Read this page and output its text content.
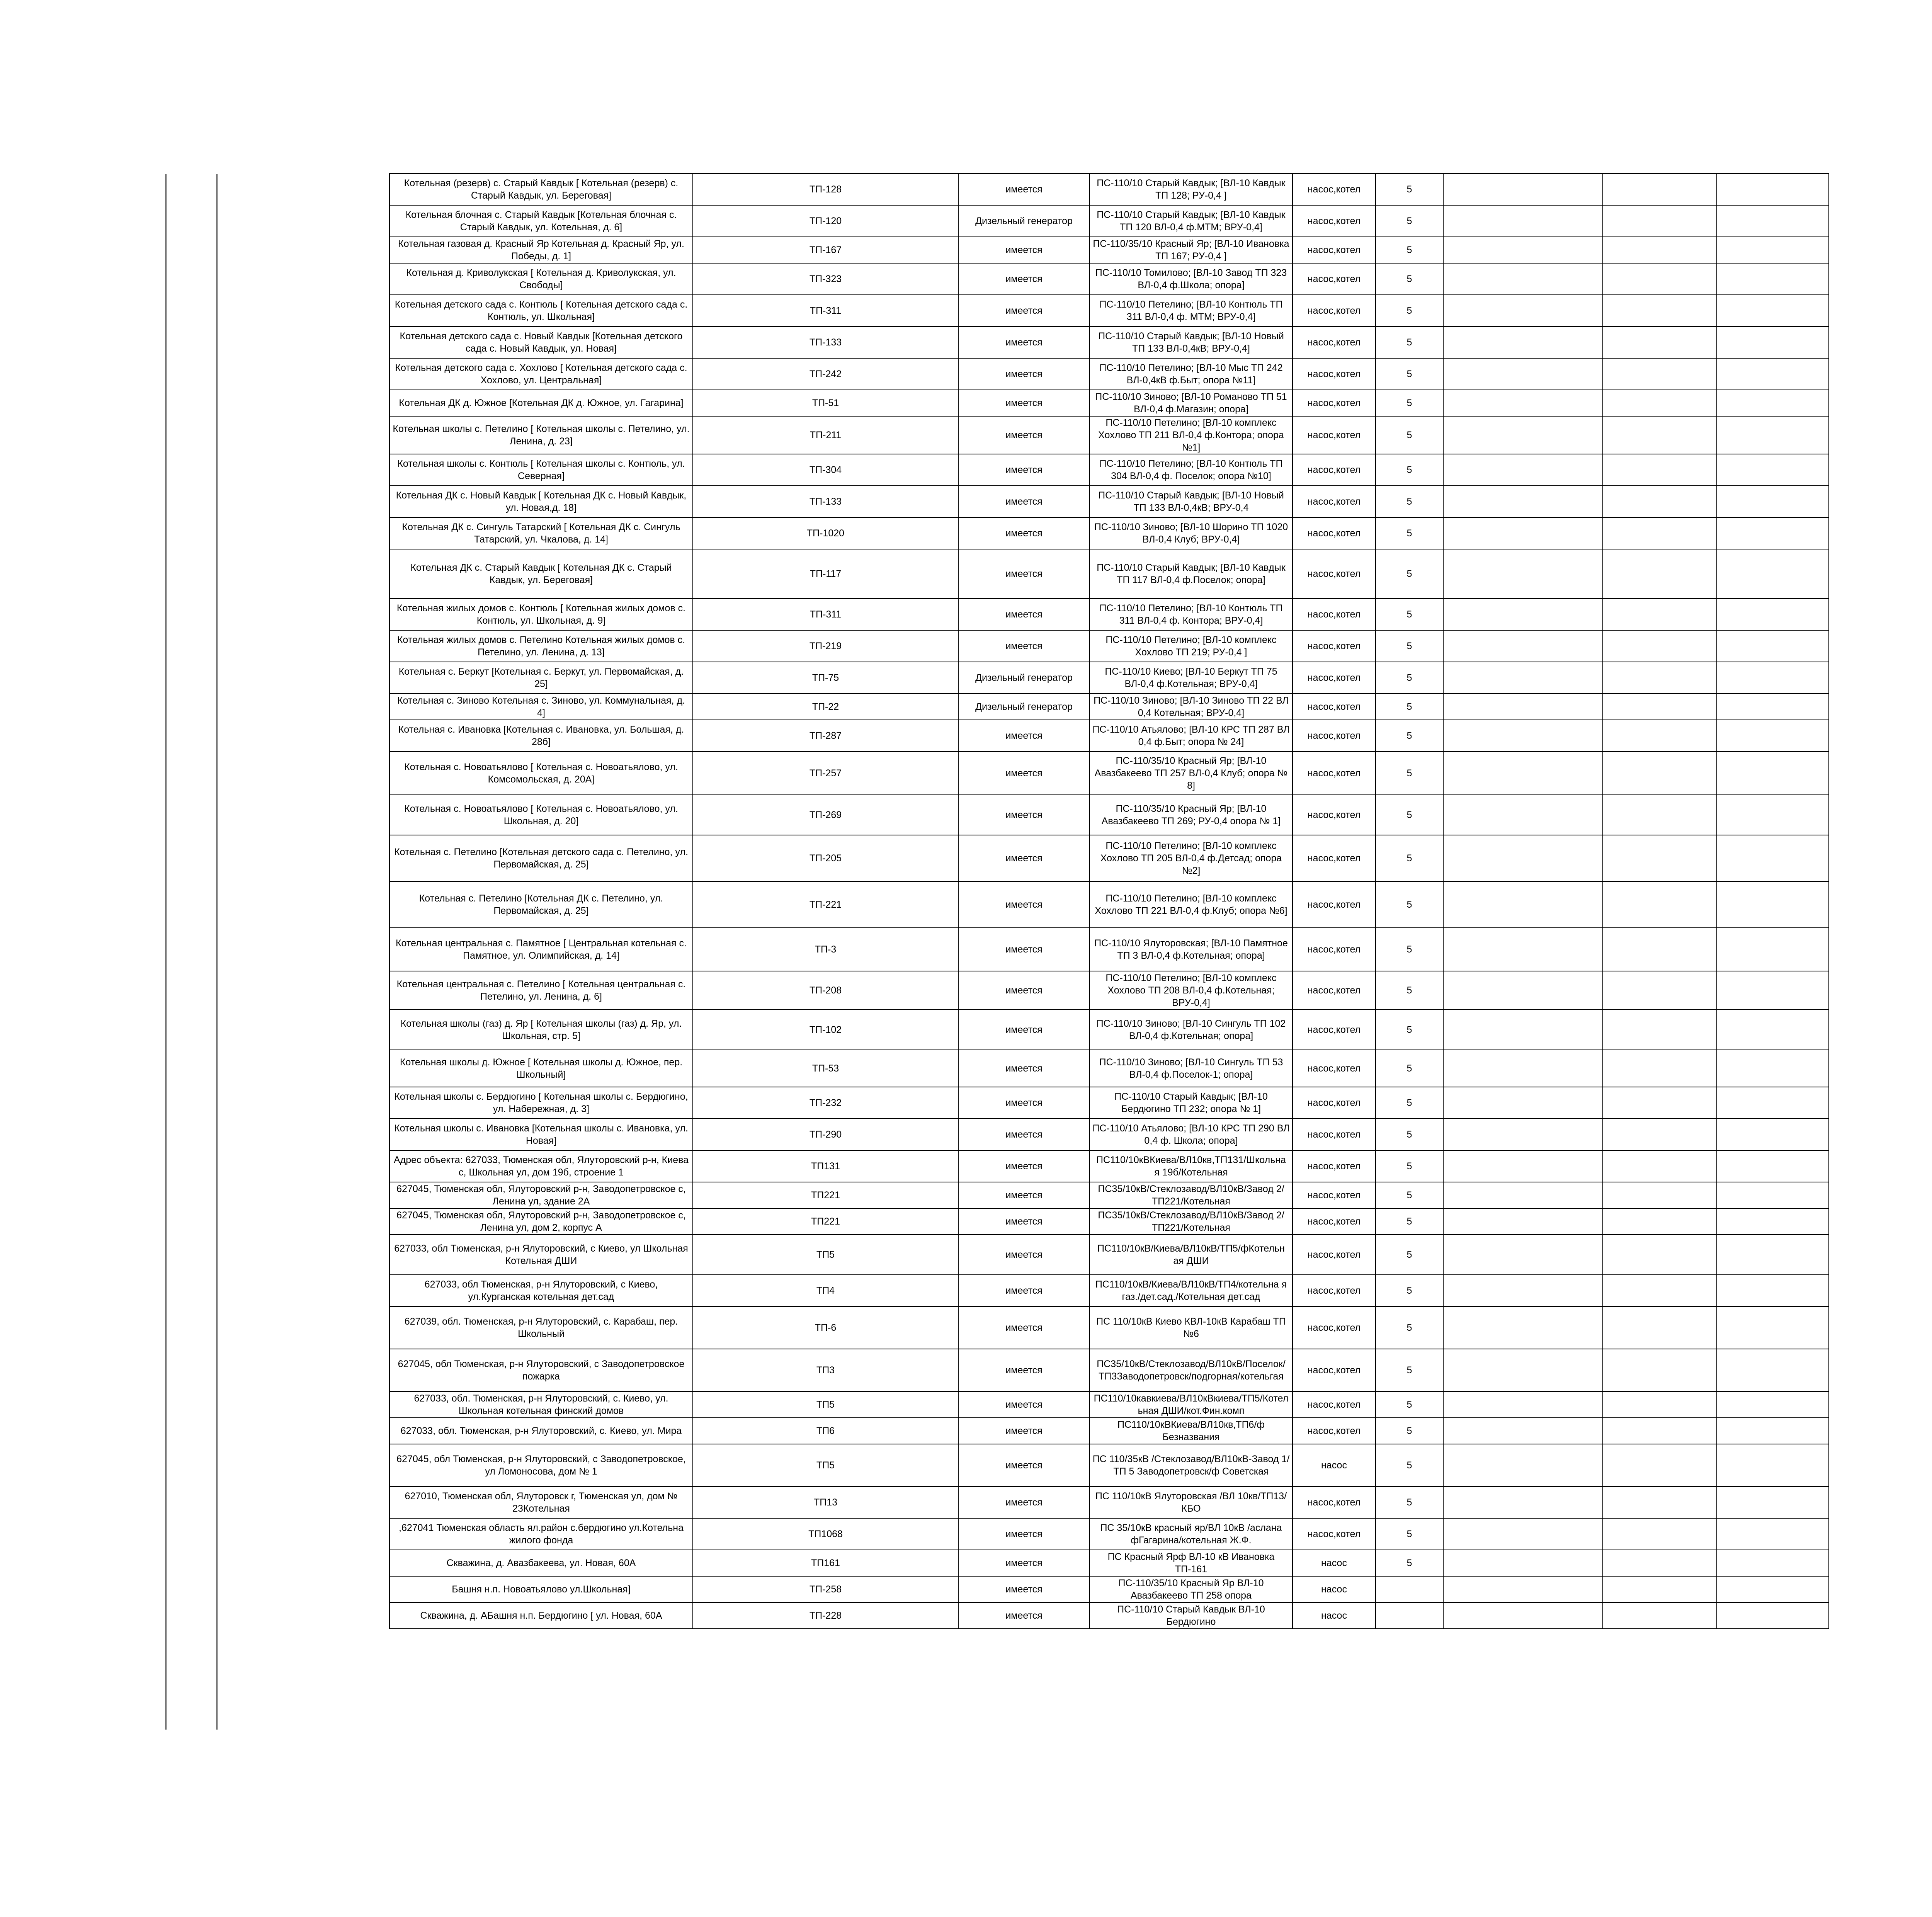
Котельная (резерв) с. Старый Кавдык [ Котельная (резерв) с. Старый Кавдык, ул. Береговая]	ТП-128	имеется	ПС-110/10 Старый Кавдык; [ВЛ-10 Кавдык ТП 128; РУ-0,4 ]	насос,котел	5			
Котельная блочная с. Старый Кавдык [Котельная блочная с. Старый Кавдык, ул. Котельная, д. 6]	ТП-120	Дизельный генератор	ПС-110/10 Старый Кавдык; [ВЛ-10 Кавдык ТП 120 ВЛ-0,4 ф.МТМ; ВРУ-0,4]	насос,котел	5			
Котельная газовая д. Красный Яр Котельная д. Красный Яр, ул. Победы, д. 1]	ТП-167	имеется	ПС-110/35/10 Красный Яр; [ВЛ-10 Ивановка ТП 167; РУ-0,4 ]	насос,котел	5			
Котельная д. Криволукская [ Котельная д. Криволукская, ул. Свободы]	ТП-323	имеется	ПС-110/10 Томилово; [ВЛ-10 Завод ТП 323 ВЛ-0,4 ф.Школа; опора]	насос,котел	5			
Котельная детского сада с. Контюль [ Котельная детского сада с. Контюль, ул. Школьная]	ТП-311	имеется	ПС-110/10 Петелино; [ВЛ-10 Контюль ТП 311 ВЛ-0,4 ф. МТМ; ВРУ-0,4]	насос,котел	5			
Котельная детского сада с. Новый Кавдык [Котельная детского сада с. Новый Кавдык, ул. Новая]	ТП-133	имеется	ПС-110/10 Старый Кавдык; [ВЛ-10 Новый ТП 133 ВЛ-0,4кВ; ВРУ-0,4]	насос,котел	5			
Котельная детского сада с. Хохлово [ Котельная детского сада с. Хохлово, ул. Центральная]	ТП-242	имеется	ПС-110/10 Петелино; [ВЛ-10 Мыс ТП 242 ВЛ-0,4кВ ф.Быт; опора №11]	насос,котел	5			
Котельная ДК д. Южное [Котельная ДК д. Южное, ул. Гагарина]	ТП-51	имеется	ПС-110/10 Зиново; [ВЛ-10 Романово ТП 51 ВЛ-0,4 ф.Магазин; опора]	насос,котел	5			
Котельная школы с. Петелино [ Котельная школы с. Петелино, ул. Ленина, д. 23]	ТП-211	имеется	ПС-110/10 Петелино; [ВЛ-10 комплекс Хохлово ТП 211 ВЛ-0,4 ф.Контора; опора №1]	насос,котел	5			
Котельная школы с. Контюль [ Котельная школы с. Контюль, ул. Северная]	ТП-304	имеется	ПС-110/10 Петелино; [ВЛ-10 Контюль ТП 304 ВЛ-0,4 ф. Поселок; опора №10]	насос,котел	5			
Котельная ДК с. Новый Кавдык [ Котельная ДК с. Новый Кавдык, ул. Новая,д. 18]	ТП-133	имеется	ПС-110/10 Старый Кавдык; [ВЛ-10 Новый ТП 133 ВЛ-0,4кВ; ВРУ-0,4	насос,котел	5			
Котельная ДК с. Сингуль Татарский [ Котельная ДК с. Сингуль Татарский, ул. Чкалова, д. 14]	ТП-1020	имеется	ПС-110/10 Зиново; [ВЛ-10 Шорино ТП 1020 ВЛ-0,4 Клуб; ВРУ-0,4]	насос,котел	5			
Котельная ДК с. Старый Кавдык [ Котельная ДК с. Старый Кавдык, ул. Береговая]	ТП-117	имеется	ПС-110/10 Старый Кавдык; [ВЛ-10 Кавдык ТП 117 ВЛ-0,4 ф.Поселок; опора]	насос,котел	5			
Котельная жилых домов с. Контюль [ Котельная жилых домов с. Контюль, ул. Школьная, д. 9]	ТП-311	имеется	ПС-110/10 Петелино; [ВЛ-10 Контюль ТП 311 ВЛ-0,4 ф. Контора; ВРУ-0,4]	насос,котел	5			
Котельная жилых домов с. Петелино Котельная жилых домов с. Петелино, ул. Ленина, д. 13]	ТП-219	имеется	ПС-110/10 Петелино; [ВЛ-10 комплекс Хохлово ТП 219; РУ-0,4 ]	насос,котел	5			
Котельная с. Беркут [Котельная с. Беркут, ул. Первомайская, д. 25]	ТП-75	Дизельный генератор	ПС-110/10 Киево; [ВЛ-10 Беркут ТП 75 ВЛ-0,4 ф.Котельная; ВРУ-0,4]	насос,котел	5			
Котельная с. Зиново Котельная с. Зиново, ул. Коммунальная, д. 4]	ТП-22	Дизельный генератор	ПС-110/10 Зиново; [ВЛ-10 Зиново ТП 22 ВЛ 0,4 Котельная; ВРУ-0,4]	насос,котел	5			
Котельная с. Ивановка [Котельная с. Ивановка, ул. Большая, д. 28б]	ТП-287	имеется	ПС-110/10 Атьялово; [ВЛ-10 КРС ТП 287 ВЛ 0,4 ф.Быт; опора № 24]	насос,котел	5			
Котельная с. Новоатьялово [ Котельная с. Новоатьялово, ул. Комсомольская, д. 20А]	ТП-257	имеется	ПС-110/35/10 Красный Яр; [ВЛ-10 Авазбакеево ТП 257 ВЛ-0,4 Клуб; опора № 8]	насос,котел	5			
Котельная с. Новоатьялово [ Котельная с. Новоатьялово, ул. Школьная, д. 20]	ТП-269	имеется	ПС-110/35/10 Красный Яр; [ВЛ-10 Авазбакеево ТП 269; РУ-0,4 опора № 1]	насос,котел	5			
Котельная с. Петелино [Котельная детского сада с. Петелино, ул. Первомайская, д. 25]	ТП-205	имеется	ПС-110/10 Петелино; [ВЛ-10 комплекс Хохлово ТП 205 ВЛ-0,4 ф.Детсад; опора №2]	насос,котел	5			
Котельная с. Петелино [Котельная ДК с. Петелино, ул. Первомайская, д. 25]	ТП-221	имеется	ПС-110/10 Петелино; [ВЛ-10 комплекс Хохлово ТП 221 ВЛ-0,4 ф.Клуб; опора №6]	насос,котел	5			
Котельная центральная с. Памятное [ Центральная котельная с. Памятное, ул. Олимпийская, д. 14]	ТП-3	имеется	ПС-110/10 Ялуторовская; [ВЛ-10 Памятное ТП 3 ВЛ-0,4 ф.Котельная; опора]	насос,котел	5			
Котельная центральная с. Петелино [ Котельная центральная с. Петелино, ул. Ленина, д. 6]	ТП-208	имеется	ПС-110/10 Петелино; [ВЛ-10 комплекс Хохлово ТП 208 ВЛ-0,4 ф.Котельная; ВРУ-0,4]	насос,котел	5			
Котельная школы (газ) д. Яр [ Котельная школы (газ) д. Яр, ул. Школьная, стр. 5]	ТП-102	имеется	ПС-110/10 Зиново; [ВЛ-10 Сингуль ТП 102 ВЛ-0,4 ф.Котельная; опора]	насос,котел	5			
Котельная школы д. Южное [ Котельная школы д. Южное, пер. Школьный]	ТП-53	имеется	ПС-110/10 Зиново; [ВЛ-10 Сингуль ТП 53 ВЛ-0,4 ф.Поселок-1; опора]	насос,котел	5			
Котельная школы с. Бердюгино [ Котельная школы с. Бердюгино, ул. Набережная, д. 3]	ТП-232	имеется	ПС-110/10 Старый Кавдык; [ВЛ-10 Бердюгино ТП 232; опора № 1]	насос,котел	5			
Котельная школы с. Ивановка [Котельная школы с. Ивановка, ул. Новая]	ТП-290	имеется	ПС-110/10 Атьялово; [ВЛ-10 КРС ТП 290 ВЛ 0,4 ф. Школа; опора]	насос,котел	5			
Адрес объекта: 627033, Тюменская обл, Ялуторовский р-н, Киева с, Школьная ул, дом 19б, строение 1	ТП131	имеется	ПС110/10кВКиева/ВЛ10кв,ТП131/Школьна я 19б/Котельная	насос,котел	5			
627045, Тюменская обл, Ялуторовский р-н, Заводопетровское с, Ленина ул, здание 2А	ТП221	имеется	ПС35/10кВ/Стеклозавод/ВЛ10кВ/Завод 2/ТП221/Котельная	насос,котел	5			
627045, Тюменская обл, Ялуторовский р-н, Заводопетровское с, Ленина ул, дом 2, корпус А	ТП221	имеется	ПС35/10кВ/Стеклозавод/ВЛ10кВ/Завод 2/ТП221/Котельная	насос,котел	5			
627033, обл Тюменская, р-н Ялуторовский, с Киево, ул Школьная Котельная ДШИ	ТП5	имеется	ПС110/10кВ/Киева/ВЛ10кВ/ТП5/фКотельн ая ДШИ	насос,котел	5			
627033, обл Тюменская, р-н Ялуторовский, с Киево, ул.Курганская котельная дет.сад	ТП4	имеется	ПС110/10кВ/Киева/ВЛ10кВ/ТП4/котельна я газ./дет.сад./Котельная дет.сад	насос,котел	5			
627039, обл. Тюменская, р-н Ялуторовский, с. Карабаш, пер. Школьный	ТП-6	имеется	ПС 110/10кВ Киево КВЛ-10кВ Карабаш ТП №6	насос,котел	5			
627045, обл Тюменская, р-н Ялуторовский, с Заводопетровское пожарка	ТП3	имеется	ПС35/10кВ/Стеклозавод/ВЛ10кВ/Поселок/ ТП3Заводопетровск/подгорная/котельгая	насос,котел	5			
627033, обл. Тюменская, р-н Ялуторовский, с. Киево, ул. Школьная котельная финский домов	ТП5	имеется	ПС110/10кавкиева/ВЛ10кВкиева/ТП5/Котел ьная ДШИ/кот.Фин.комп	насос,котел	5			
627033, обл. Тюменская, р-н Ялуторовский, с. Киево, ул. Мира	ТП6	имеется	ПС110/10кВКиева/ВЛ10кв,ТП6/ф Безназвания	насос,котел	5			
627045, обл Тюменская, р-н Ялуторовский, с Заводопетровское, ул Ломоносова, дом № 1	ТП5	имеется	ПС 110/35кВ /Стеклозавод/ВЛ10кВ-Завод 1/ТП 5 Заводопетровск/ф Советская	насос	5			
627010, Тюменская обл, Ялуторовск г, Тюменская ул, дом № 23Котельная	ТП13	имеется	ПС 110/10кВ Ялуторовская /ВЛ 10кв/ТП13/ КБО	насос,котел	5			
,627041 Тюменская область ял.район с.бердюгино ул.Котельна жилого фонда	ТП1068	имеется	ПС 35/10кВ красный яр/ВЛ 10кВ /аслана фГагарина/котельная Ж.Ф.	насос,котел	5			
Скважина, д. Авазбакеева, ул. Новая, 60А	ТП161	имеется	ПС Красный Ярф ВЛ-10 кВ Ивановка ТП-161	насос	5			
Башня н.п. Новоатьялово ул.Школьная]	ТП-258	имеется	ПС-110/35/10 Красный Яр ВЛ-10 Авазбакеево ТП 258 опора	насос				
Скважина, д. АБашня н.п. Бердюгино [ ул. Новая, 60А	ТП-228	имеется	ПС-110/10 Старый Кавдык ВЛ-10 Бердюгино	насос				
